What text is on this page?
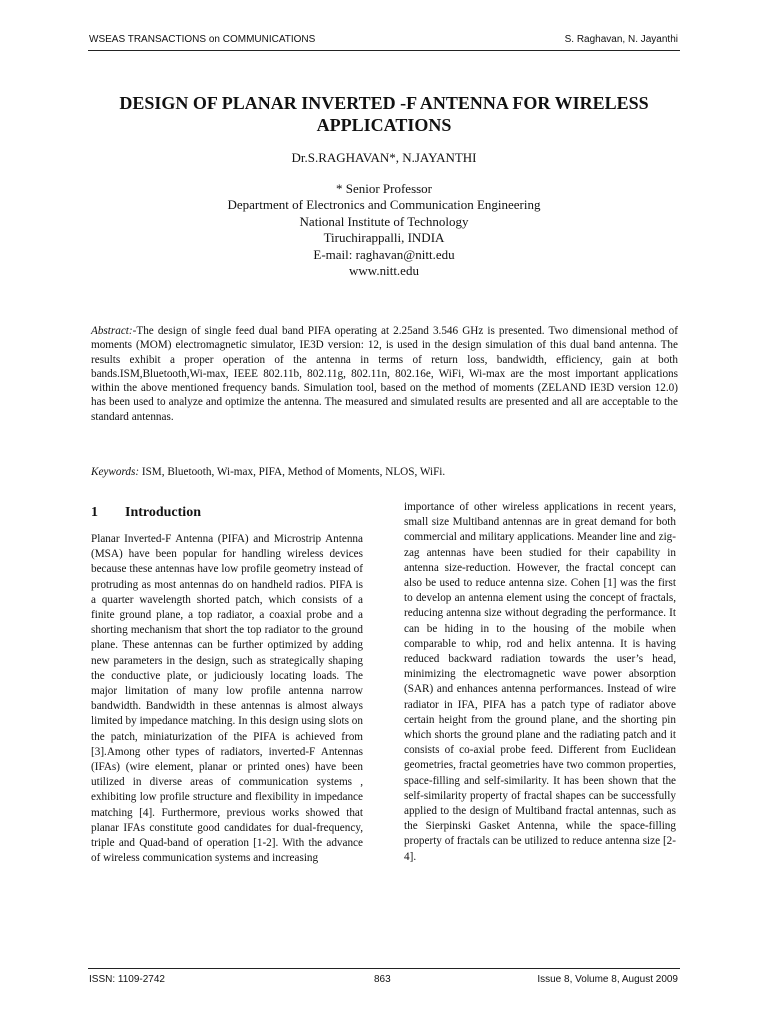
WSEAS TRANSACTIONS on COMMUNICATIONS	S. Raghavan, N. Jayanthi
DESIGN OF PLANAR INVERTED -F ANTENNA FOR WIRELESS APPLICATIONS
Dr.S.RAGHAVAN*, N.JAYANTHI
* Senior Professor
Department of Electronics and Communication Engineering
National Institute of Technology
Tiruchirappalli, INDIA
E-mail: raghavan@nitt.edu
www.nitt.edu
Abstract:-The design of single feed dual band PIFA operating at 2.25and 3.546 GHz is presented. Two dimensional method of moments (MOM) electromagnetic simulator, IE3D version: 12, is used in the design simulation of this dual band antenna. The results exhibit a proper operation of the antenna in terms of return loss, bandwidth, efficiency, gain at both bands.ISM,Bluetooth,Wi-max, IEEE 802.11b, 802.11g, 802.11n, 802.16e, WiFi, Wi-max are the most important applications within the above mentioned frequency bands. Simulation tool, based on the method of moments (ZELAND IE3D version 12.0) has been used to analyze and optimize the antenna. The measured and simulated results are presented and all are acceptable to the standard antennas.
Keywords: ISM, Bluetooth, Wi-max, PIFA, Method of Moments, NLOS, WiFi.
1 Introduction
Planar Inverted-F Antenna (PIFA) and Microstrip Antenna (MSA) have been popular for handling wireless devices because these antennas have low profile geometry instead of protruding as most antennas do on handheld radios. PIFA is a quarter wavelength shorted patch, which consists of a finite ground plane, a top radiator, a coaxial probe and a shorting mechanism that short the top radiator to the ground plane. These antennas can be further optimized by adding new parameters in the design, such as strategically shaping the conductive plate, or judiciously locating loads. The major limitation of many low profile antenna narrow bandwidth. Bandwidth in these antennas is almost always limited by impedance matching. In this design using slots on the patch, miniaturization of the PIFA is achieved from [3].Among other types of radiators, inverted-F Antennas (IFAs) (wire element, planar or printed ones) have been utilized in diverse areas of communication systems , exhibiting low profile structure and flexibility in impedance matching [4]. Furthermore, previous works showed that planar IFAs constitute good candidates for dual-frequency, triple and Quad-band of operation [1-2]. With the advance of wireless communication systems and increasing
importance of other wireless applications in recent years, small size Multiband antennas are in great demand for both commercial and military applications. Meander line and zig-zag antennas have been studied for their capability in antenna size-reduction. However, the fractal concept can also be used to reduce antenna size. Cohen [1] was the first to develop an antenna element using the concept of fractals, reducing antenna size without degrading the performance. It can be hiding in to the housing of the mobile when comparable to whip, rod and helix antenna. It is having reduced backward radiation towards the user’s head, minimizing the electromagnetic wave power absorption (SAR) and enhances antenna performances. Instead of wire radiator in IFA, PIFA has a patch type of radiator above certain height from the ground plane, and the shorting pin which shorts the ground plane and the radiating patch and it consists of co-axial probe feed. Different from Euclidean geometries, fractal geometries have two common properties, space-filling and self-similarity. It has been shown that the self-similarity property of fractal shapes can be successfully applied to the design of Multiband fractal antennas, such as the Sierpinski Gasket Antenna, while the space-filling property of fractals can be utilized to reduce antenna size [2-4].
ISSN: 1109-2742	863	Issue 8, Volume 8, August 2009
